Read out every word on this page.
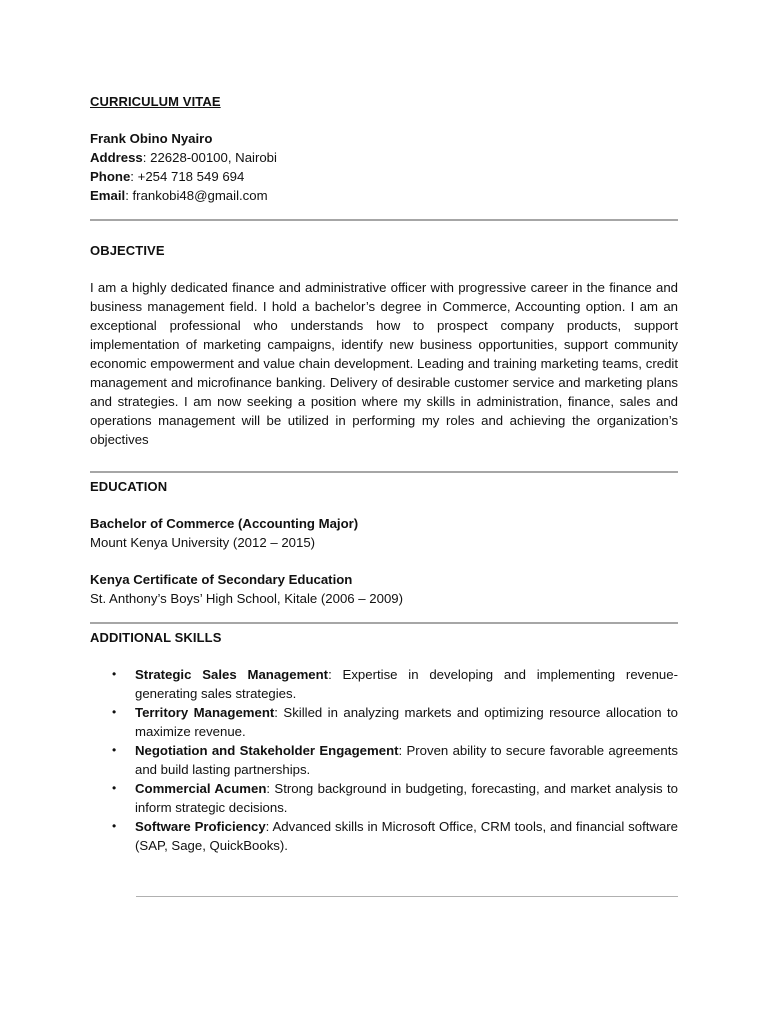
CURRICULUM VITAE
Frank Obino Nyairo
Address: 22628-00100, Nairobi
Phone: +254 718 549 694
Email: frankobi48@gmail.com
OBJECTIVE
I am a highly dedicated finance and administrative officer with progressive career in the finance and business management field. I hold a bachelor’s degree in Commerce, Accounting option. I am an exceptional professional who understands how to prospect company products, support implementation of marketing campaigns, identify new business opportunities, support community economic empowerment and value chain development. Leading and training marketing teams, credit management and microfinance banking. Delivery of desirable customer service and marketing plans and strategies. I am now seeking a position where my skills in administration, finance, sales and operations management will be utilized in performing my roles and achieving the organization’s objectives
EDUCATION
Bachelor of Commerce (Accounting Major)
Mount Kenya University (2012 – 2015)
Kenya Certificate of Secondary Education
St. Anthony’s Boys’ High School, Kitale (2006 – 2009)
ADDITIONAL SKILLS
• Strategic Sales Management: Expertise in developing and implementing revenue-generating sales strategies.
• Territory Management: Skilled in analyzing markets and optimizing resource allocation to maximize revenue.
• Negotiation and Stakeholder Engagement: Proven ability to secure favorable agreements and build lasting partnerships.
• Commercial Acumen: Strong background in budgeting, forecasting, and market analysis to inform strategic decisions.
• Software Proficiency: Advanced skills in Microsoft Office, CRM tools, and financial software (SAP, Sage, QuickBooks).
